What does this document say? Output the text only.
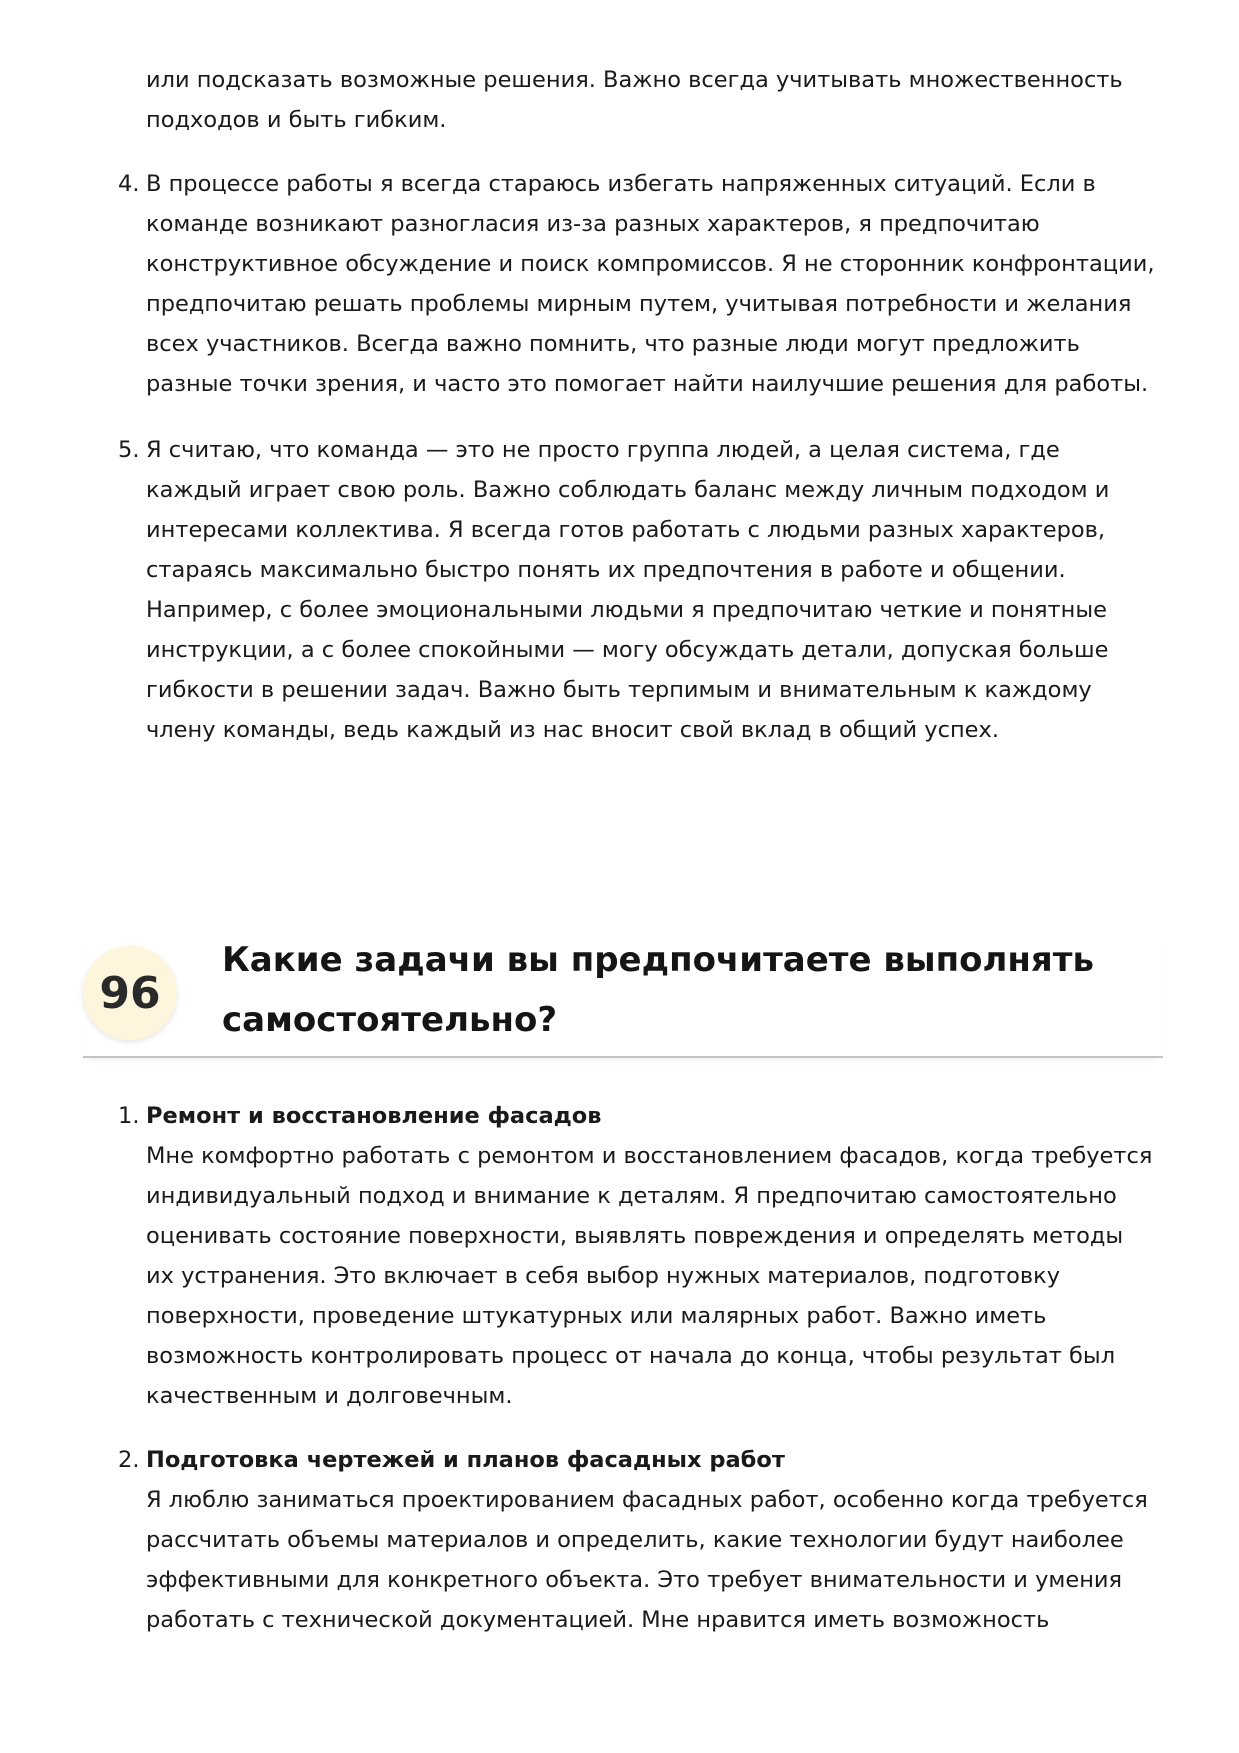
или подсказать возможные решения. Важно всегда учитывать множественность подходов и быть гибким.

4. В процессе работы я всегда стараюсь избегать напряженных ситуаций. Если в команде возникают разногласия из-за разных характеров, я предпочитаю конструктивное обсуждение и поиск компромиссов. Я не сторонник конфронтации, предпочитаю решать проблемы мирным путем, учитывая потребности и желания всех участников. Всегда важно помнить, что разные люди могут предложить разные точки зрения, и часто это помогает найти наилучшие решения для работы.
5. Я считаю, что команда — это не просто группа людей, а целая система, где каждый играет свою роль. Важно соблюдать баланс между личным подходом и интересами коллектива. Я всегда готов работать с людьми разных характеров, стараясь максимально быстро понять их предпочтения в работе и общении. Например, с более эмоциональными людьми я предпочитаю четкие и понятные инструкции, а с более спокойными — могу обсуждать детали, допуская больше гибкости в решении задач. Важно быть терпимым и внимательным к каждому члену команды, ведь каждый из нас вносит свой вклад в общий успех.
96
Какие задачи вы предпочитаете выполнять самостоятельно?
1. Ремонт и восстановление фасадов
Мне комфортно работать с ремонтом и восстановлением фасадов, когда требуется индивидуальный подход и внимание к деталям. Я предпочитаю самостоятельно оценивать состояние поверхности, выявлять повреждения и определять методы их устранения. Это включает в себя выбор нужных материалов, подготовку поверхности, проведение штукатурных или малярных работ. Важно иметь возможность контролировать процесс от начала до конца, чтобы результат был качественным и долговечным.
2. Подготовка чертежей и планов фасадных работ
Я люблю заниматься проектированием фасадных работ, особенно когда требуется рассчитать объемы материалов и определить, какие технологии будут наиболее эффективными для конкретного объекта. Это требует внимательности и умения работать с технической документацией. Мне нравится иметь возможность
